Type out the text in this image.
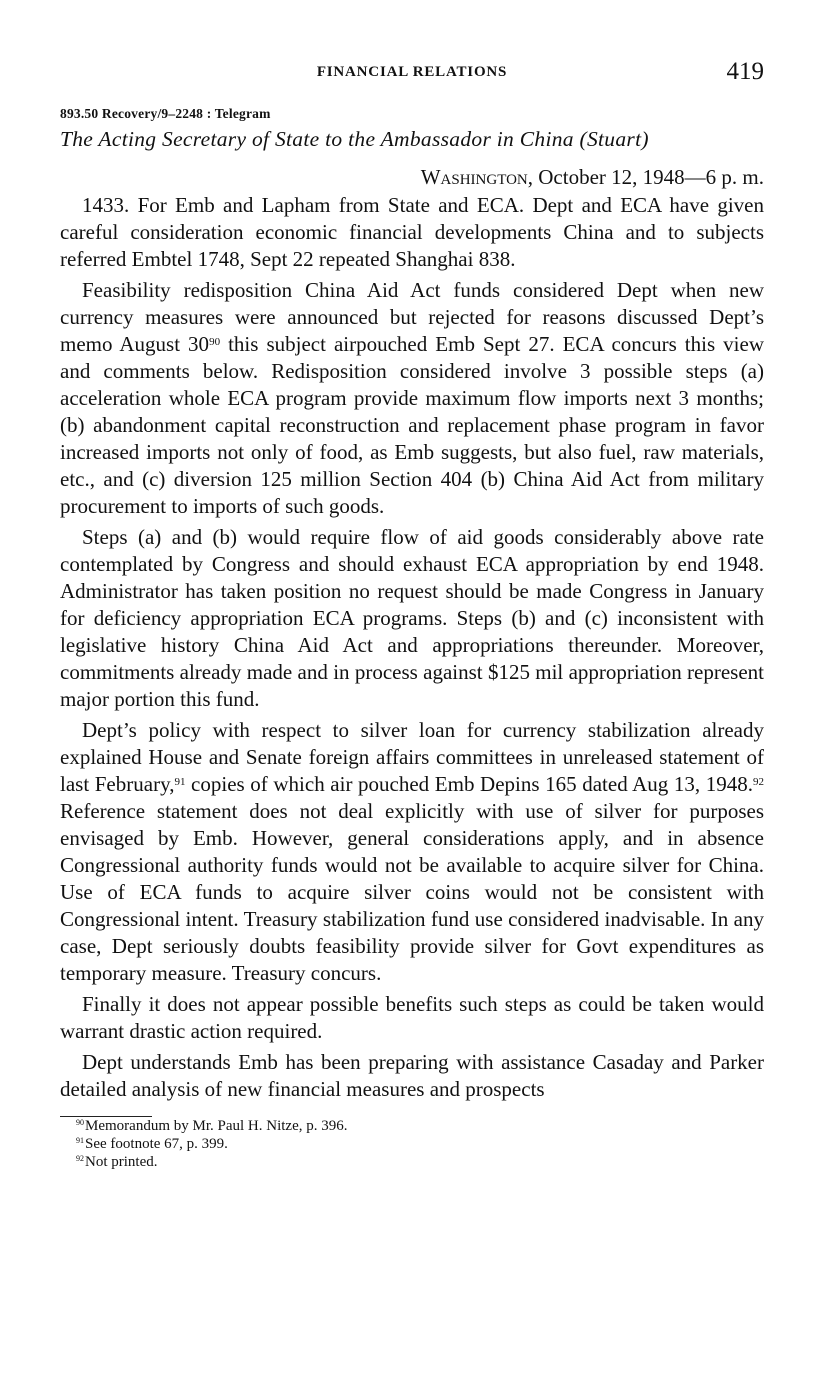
FINANCIAL RELATIONS	419
893.50 Recovery/9–2248 : Telegram
The Acting Secretary of State to the Ambassador in China (Stuart)
Washington, October 12, 1948—6 p. m.

1433. For Emb and Lapham from State and ECA. Dept and ECA have given careful consideration economic financial developments China and to subjects referred Embtel 1748, Sept 22 repeated Shanghai 838.

Feasibility redisposition China Aid Act funds considered Dept when new currency measures were announced but rejected for reasons discussed Dept’s memo August $30^{90}$ this subject airpouched Emb Sept 27. ECA concurs this view and comments below. Redisposition considered involve 3 possible steps (a) acceleration whole ECA program provide maximum flow imports next 3 months; (b) abandonment capital reconstruction and replacement phase program in favor increased imports not only of food, as Emb suggests, but also fuel, raw materials, etc., and (c) diversion 125 million Section 404 (b) China Aid Act from military procurement to imports of such goods.

Steps (a) and (b) would require flow of aid goods considerably above rate contemplated by Congress and should exhaust ECA appropriation by end 1948. Administrator has taken position no request should be made Congress in January for deficiency appropriation ECA programs. Steps (b) and (c) inconsistent with legislative history China Aid Act and appropriations thereunder. Moreover, commitments already made and in process against $125 mil appropriation represent major portion this fund.

Dept’s policy with respect to silver loan for currency stabilization already explained House and Senate foreign affairs committees in unreleased statement of last February,$^{91}$ copies of which air pouched Emb Depins 165 dated Aug 13, 1948.92 Reference statement does not deal explicitly with use of silver for purposes envisaged by Emb. However, general considerations apply, and in absence Congressional authority funds would not be available to acquire silver for China. Use of ECA funds to acquire silver coins would not be consistent with Congressional intent. Treasury stabilization fund use considered inadvisable. In any case, Dept seriously doubts feasibility provide silver for Govt expenditures as temporary measure. Treasury concurs.

Finally it does not appear possible benefits such steps as could be taken would warrant drastic action required.

Dept understands Emb has been preparing with assistance Casaday and Parker detailed analysis of new financial measures and prospects

$^{90}$Memorandum by Mr. Paul H. Nitze, p. 396.
$^{91}$See footnote 67, p. 399.
$^{92}$Not printed.
